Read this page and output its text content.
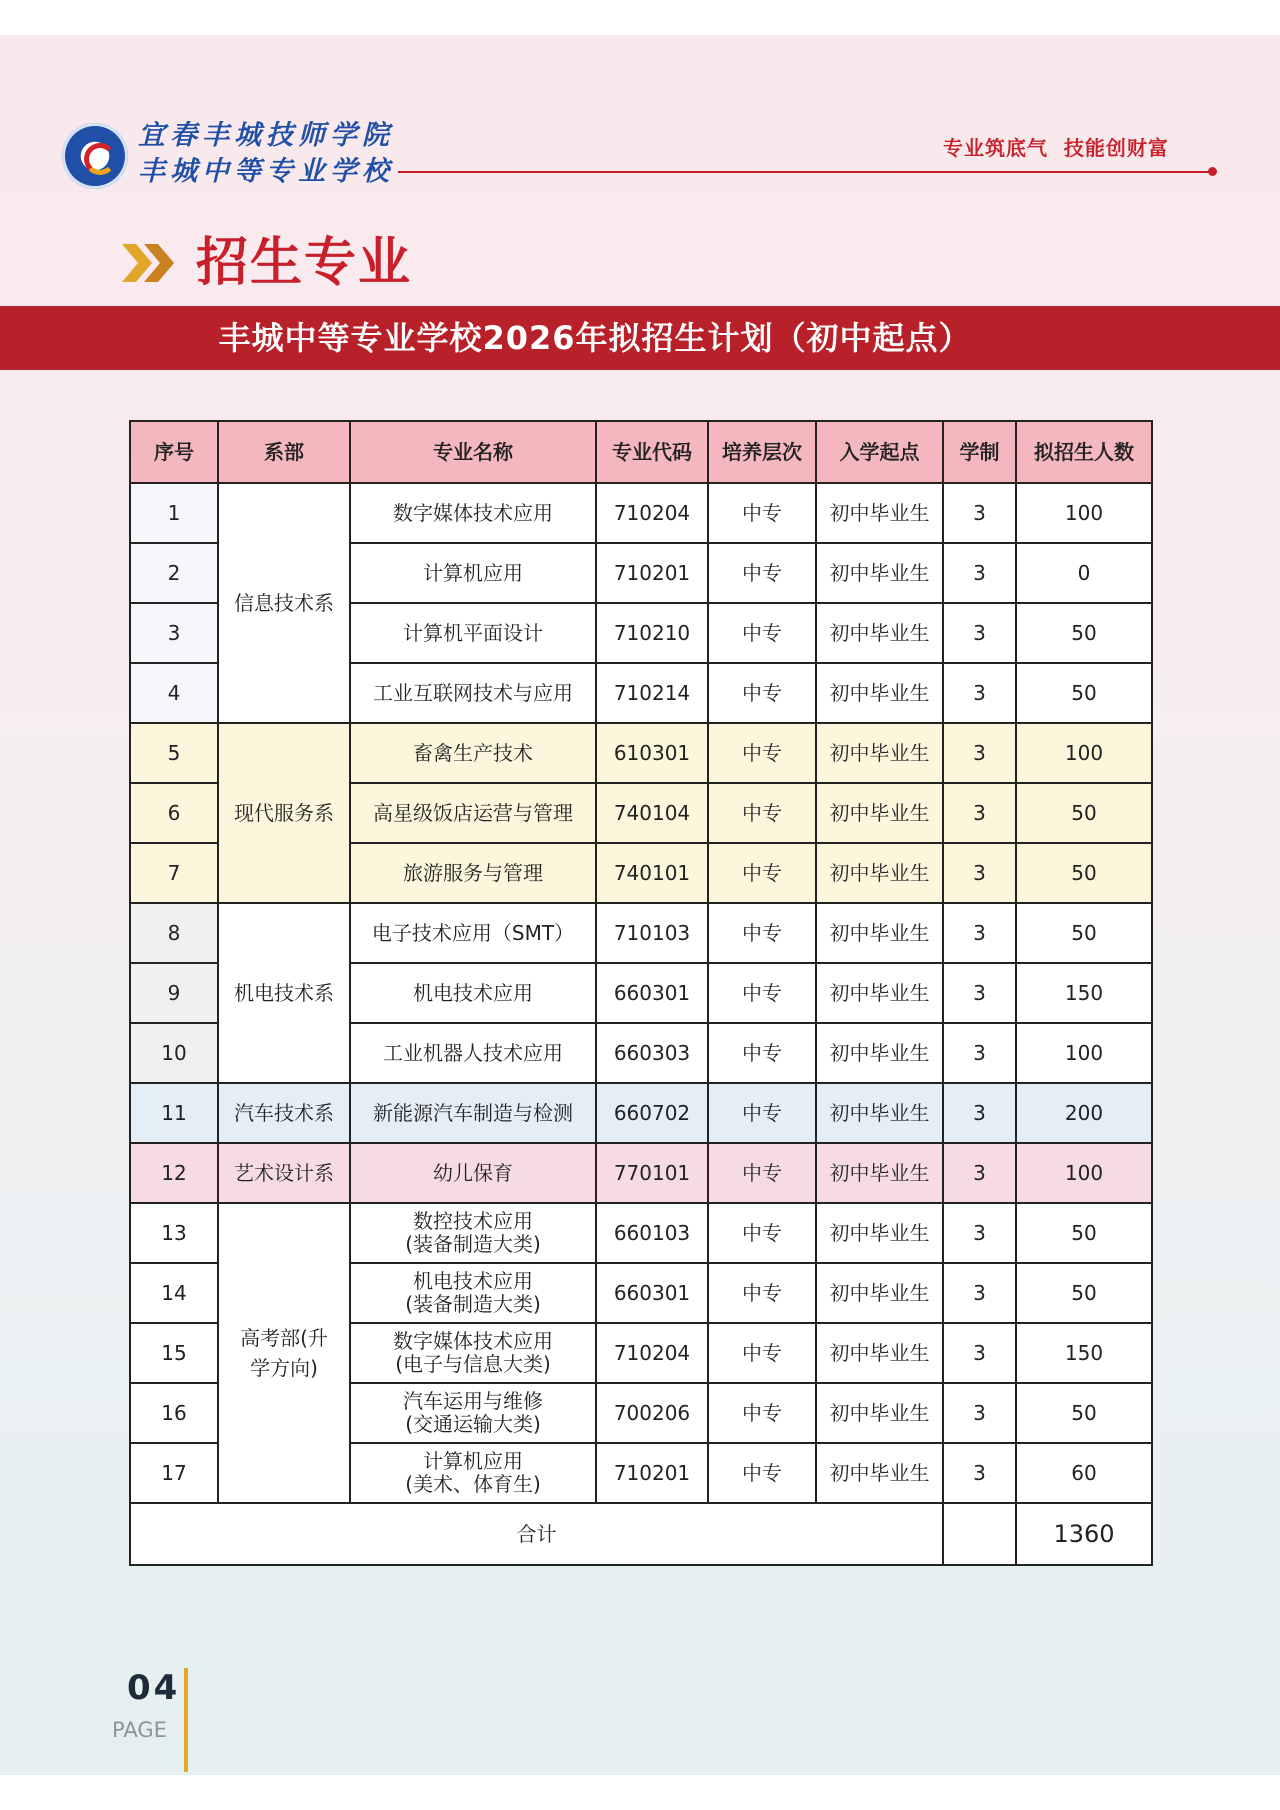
宜春丰城技师学院
丰城中等专业学校
专业筑底气  技能创财富
招生专业
丰城中等专业学校2026年拟招生计划（初中起点）
序号	系部	专业名称	专业代码	培养层次	入学起点	学制	拟招生人数
1	信息技术系	数字媒体技术应用	710204	中专	初中毕业生	3	100
2		计算机应用	710201	中专	初中毕业生	3	0
3		计算机平面设计	710210	中专	初中毕业生	3	50
4		工业互联网技术与应用	710214	中专	初中毕业生	3	50
5	现代服务系	畜禽生产技术	610301	中专	初中毕业生	3	100
6		高星级饭店运营与管理	740104	中专	初中毕业生	3	50
7		旅游服务与管理	740101	中专	初中毕业生	3	50
8	机电技术系	电子技术应用（SMT）	710103	中专	初中毕业生	3	50
9		机电技术应用	660301	中专	初中毕业生	3	150
10		工业机器人技术应用	660303	中专	初中毕业生	3	100
11	汽车技术系	新能源汽车制造与检测	660702	中专	初中毕业生	3	200
12	艺术设计系	幼儿保育	770101	中专	初中毕业生	3	100
13	高考部(升学方向)	数控技术应用
(装备制造大类)	660103	中专	初中毕业生	3	50
14		机电技术应用
(装备制造大类)	660301	中专	初中毕业生	3	50
15		数字媒体技术应用
(电子与信息大类)	710204	中专	初中毕业生	3	150
16		汽车运用与维修
(交通运输大类)	700206	中专	初中毕业生	3	50
17		计算机应用
(美术、体育生)	710201	中专	初中毕业生	3	60
合计							1360
04
PAGE
